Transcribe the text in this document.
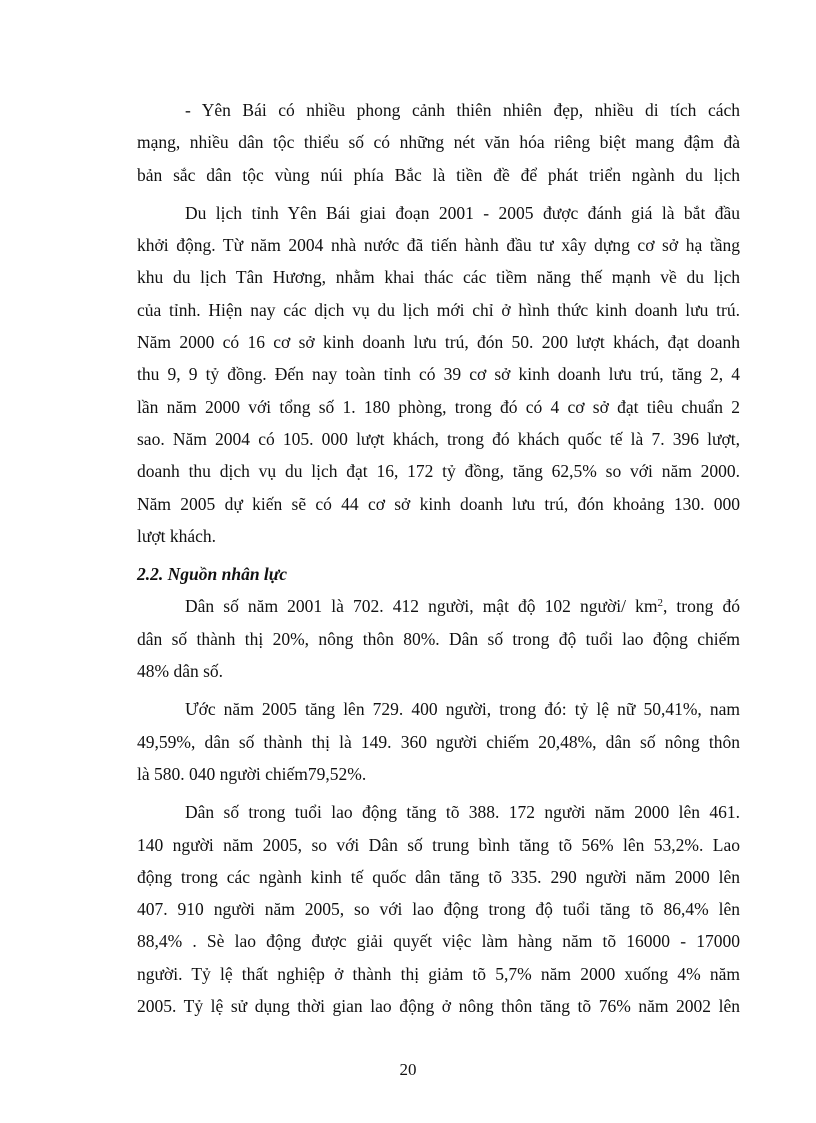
- Yên Bái có nhiều phong cảnh thiên nhiên đẹp, nhiều di tích cách
mạng, nhiều dân tộc thiểu số có những nét văn hóa riêng biệt mang đậm đà
bản sắc dân tộc vùng núi phía Bắc là tiền đề để phát triển ngành du lịch
Du lịch tỉnh Yên Bái giai đoạn 2001 - 2005 được đánh giá là bắt đầu
khởi động. Từ năm 2004 nhà nước đã tiến hành đầu tư xây dựng cơ sở hạ tầng
khu du lịch Tân Hương, nhằm khai thác các tiềm năng thế mạnh về du lịch
của tỉnh. Hiện nay các dịch vụ du lịch mới chỉ ở hình thức kinh doanh lưu trú.
Năm 2000 có 16 cơ sở kinh doanh lưu trú, đón 50. 200 lượt khách, đạt doanh
thu 9, 9 tỷ đồng. Đến nay toàn tỉnh có 39 cơ sở kinh doanh lưu trú, tăng 2, 4
lần năm 2000 với tổng số 1. 180 phòng, trong đó có 4 cơ sở đạt tiêu chuẩn 2
sao. Năm 2004 có 105. 000 lượt khách, trong đó khách quốc tế là 7. 396 lượt,
doanh thu dịch vụ du lịch đạt 16, 172 tỷ đồng, tăng 62,5% so với năm 2000.
Năm 2005 dự kiến sẽ có 44 cơ sở kinh doanh lưu trú, đón khoảng 130. 000
lượt khách.
2.2. Nguồn nhân lực
Dân số năm 2001 là 702. 412 người, mật độ 102 người/ $km^2$, trong đó
dân số thành thị 20%, nông thôn 80%. Dân số trong độ tuổi lao động chiếm
48% dân số.
Ước năm 2005 tăng lên 729. 400 người, trong đó: tỷ lệ nữ 50,41%, nam
49,59%, dân số thành thị là 149. 360 người chiếm 20,48%, dân số nông thôn
là 580. 040 người chiếm79,52%.
Dân số trong tuổi lao động tăng tõ 388. 172 người năm 2000 lên 461.
140 người năm 2005, so với Dân số trung bình tăng tõ 56% lên 53,2%. Lao
động trong các ngành kinh tế quốc dân tăng tõ 335. 290 người năm 2000 lên
407. 910 người năm 2005, so với lao động trong độ tuổi tăng tõ 86,4% lên
88,4% . Sè lao động được giải quyết việc làm hàng năm tõ 16000 - 17000
người. Tỷ lệ thất nghiệp ở thành thị giảm tõ 5,7% năm 2000 xuống 4% năm
2005. Tỷ lệ sử dụng thời gian lao động ở nông thôn tăng tõ 76% năm 2002 lên
20
